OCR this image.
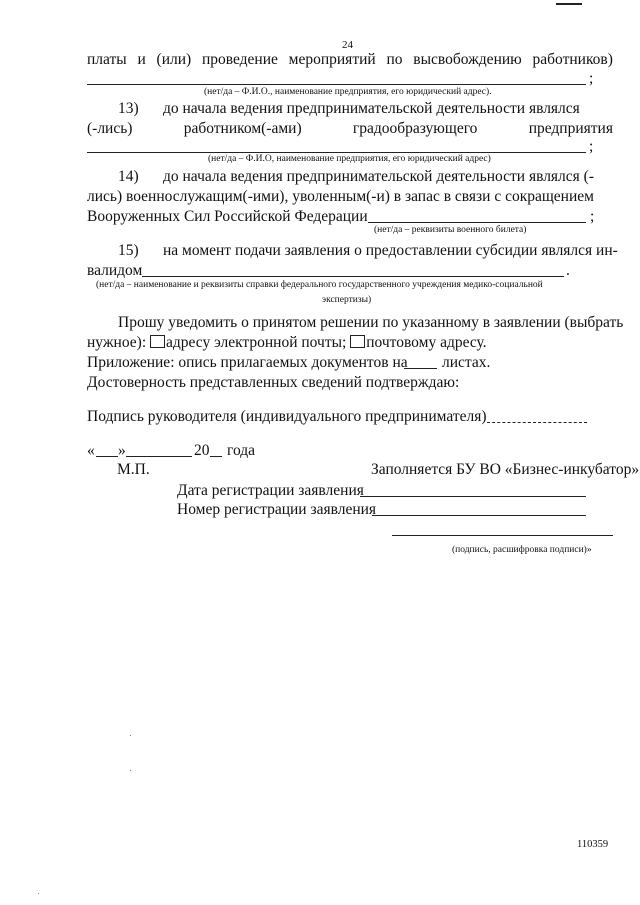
24
платы и (или) проведение мероприятий по высвобождению работников)
;
(нет/да – Ф.И.О., наименование предприятия, его юридический адрес).
13) до начала ведения предпринимательской деятельности являлся
(-лись)	работником(-ами)	градообразующего	предприятия
;
(нет/да – Ф.И.О, наименование предприятия, его юридический адрес)
14) до начала ведения предпринимательской деятельности являлся (-
лись) военнослужащим(-ими), уволенным(-и) в запас в связи с сокращением
Вооруженных Сил Российской Федерации	;
(нет/да – реквизиты военного билета)
15) на момент подачи заявления о предоставлении субсидии являлся ин-
валидом	.
(нет/да – наименование и реквизиты справки федерального государственного учреждения медико-социальной
экспертизы)
Прошу уведомить о принятом решении по указанному в заявлении (выбрать
нужное): адресу электронной почты; почтовому адресу.
Приложение: опись прилагаемых документов на листах.
Достоверность представленных сведений подтверждаю:
Подпись руководителя (индивидуального предпринимателя)
« »	20 года
М.П.	Заполняется БУ ВО «Бизнес-инкубатор»
Дата регистрации заявления
Номер регистрации заявления
(подпись, расшифровка подписи)»
110359
